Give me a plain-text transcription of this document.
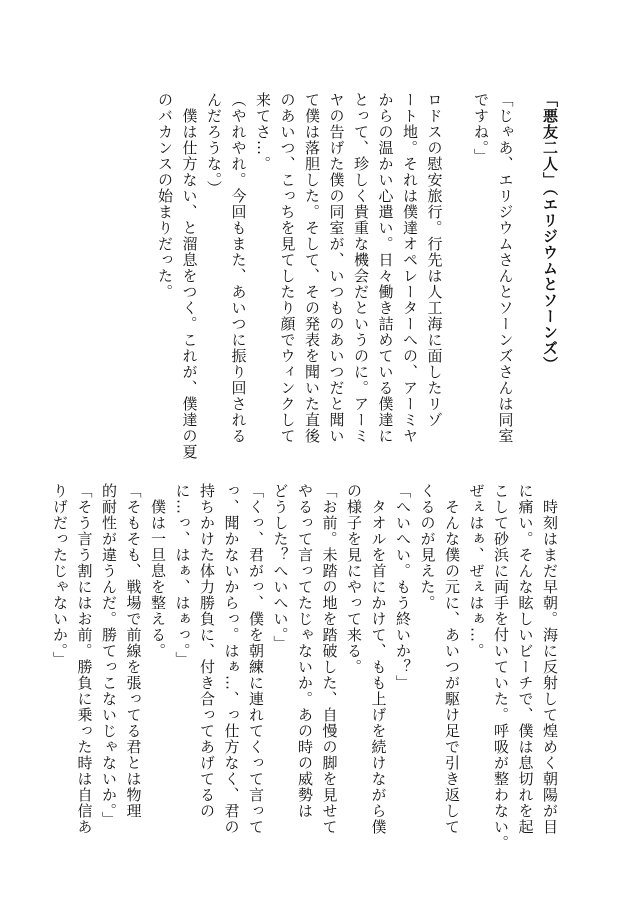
「悪友二人」（エリジウムとソーンズ）
「じゃあ、エリジウムさんとソーンズさんは同室
ですね。」
ロドスの慰安旅行。行先は人工海に面したリゾ
ート地。それは僕達オペレーターへの、アーミヤ
からの温かい心遣い。日々働き詰めている僕達に
とって、珍しく貴重な機会だというのに。アーミ
ヤの告げた僕の同室が、いつものあいつだと聞い
て僕は落胆した。そして、その発表を聞いた直後
のあいつ、こっちを見てしたり顔でウィンクして
来てさ…。
（やれやれ。今回もまた、あいつに振り回される
んだろうな。）
　僕は仕方ない、と溜息をつく。これが、僕達の夏
のバカンスの始まりだった。
　時刻はまだ早朝。海に反射して煌めく朝陽が目
に痛い。そんな眩しいビーチで、僕は息切れを起
こして砂浜に両手を付いていた。呼吸が整わない。
ぜぇはぁ、ぜぇはぁ…。
　そんな僕の元に、あいつが駆け足で引き返して
くるのが見えた。
「へいへい。もう終いか？」
　タオルを首にかけて、もも上げを続けながら僕
の様子を見にやって来る。
「お前。未踏の地を踏破した、自慢の脚を見せて
やるって言ってたじゃないか。あの時の威勢は
どうした？へいへい。」
「くっ、君がっ、僕を朝練に連れてくって言って
っ、聞かないからっ。はぁ…、っ仕方なく、君の
持ちかけた体力勝負に、付き合ってあげてるの
に…っ、はぁ、はぁっ。」
　僕は一旦息を整える。
「そもそも、戦場で前線を張ってる君とは物理
的耐性が違うんだ。勝てっこないじゃないか。」
「そう言う割にはお前。勝負に乗った時は自信あ
りげだったじゃないか。」
